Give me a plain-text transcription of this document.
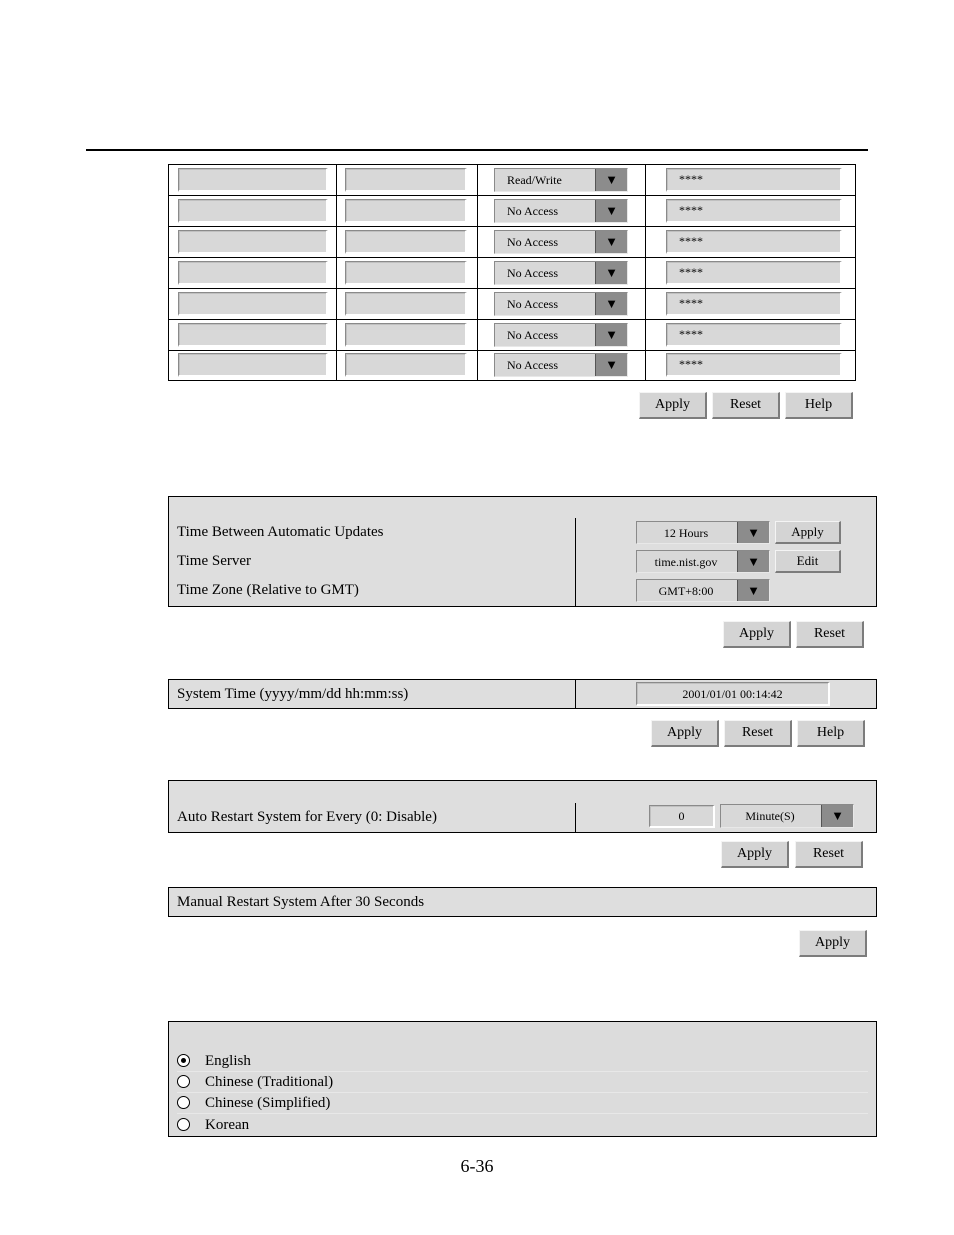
Read/Write	▼	****
No Access	▼	****
No Access	▼	****
No Access	▼	****
No Access	▼	****
No Access	▼	****
No Access	▼	****
Apply	Reset	Help
Time Between Automatic Updates	12 Hours	▼	Apply
Time Server	time.nist.gov	▼	Edit
Time Zone (Relative to GMT)	GMT+8:00	▼
Apply	Reset
System Time (yyyy/mm/dd hh:mm:ss)	2001/01/01 00:14:42
Apply	Reset	Help
Auto Restart System for Every (0: Disable)	0	Minute(S)	▼
Apply	Reset
Manual Restart System After 30 Seconds
Apply
English
Chinese (Traditional)
Chinese (Simplified)
Korean
6-36
